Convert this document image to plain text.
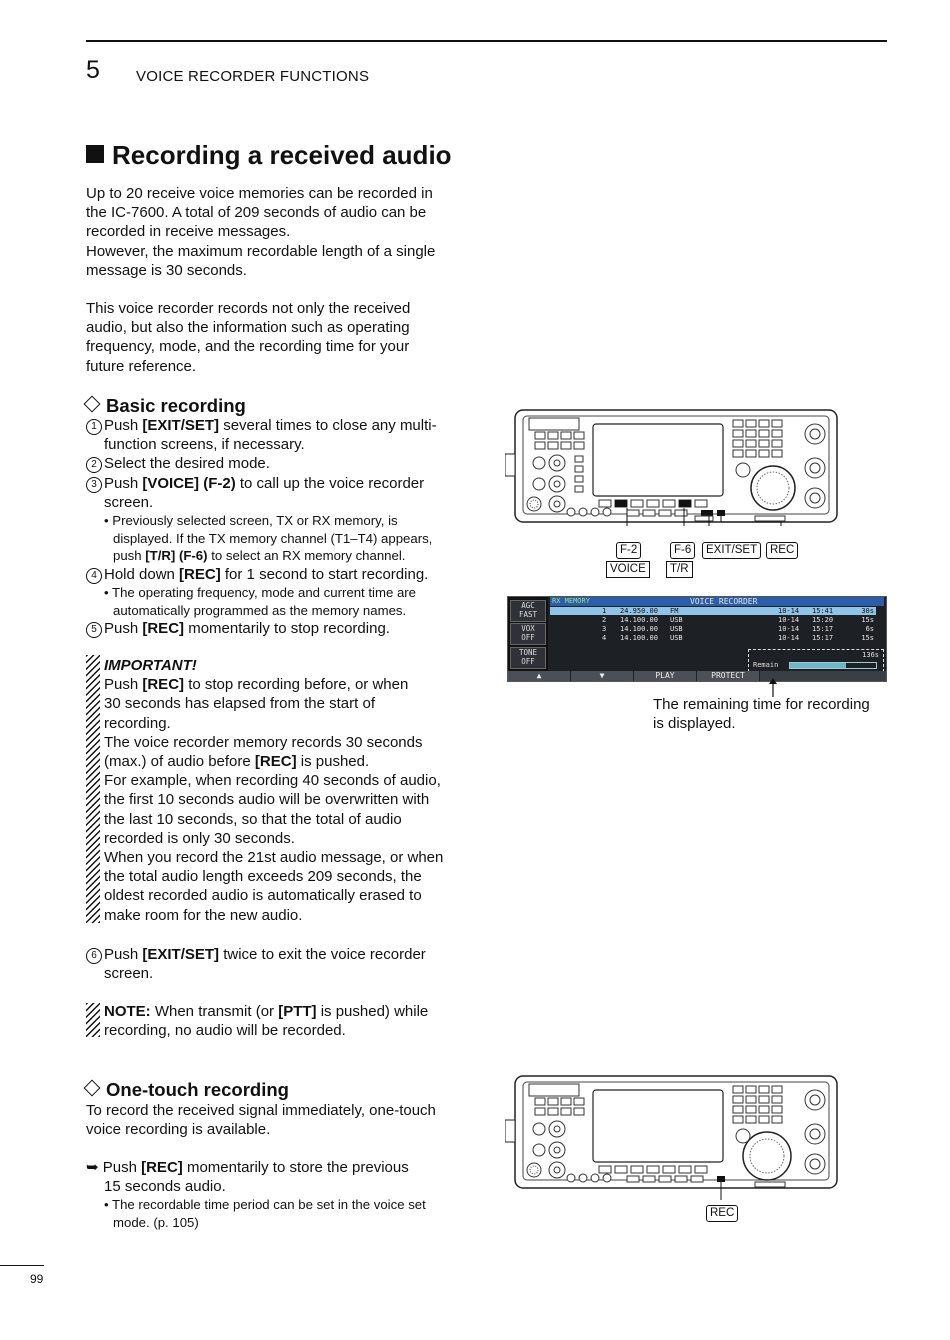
5 VOICE RECORDER FUNCTIONS
Recording a received audio
Up to 20 receive voice memories can be recorded in
the IC-7600. A total of 209 seconds of audio can be
recorded in receive messages.
However, the maximum recordable length of a single
message is 30 seconds.
This voice recorder records not only the received
audio, but also the information such as operating
frequency, mode, and the recording time for your
future reference.
Basic recording
1 Push [EXIT/SET] several times to close any multi-
function screens, if necessary.
2 Select the desired mode.
3 Push [VOICE] (F-2) to call up the voice recorder
screen.
• Previously selected screen, TX or RX memory, is
displayed. If the TX memory channel (T1–T4) appears,
push [T/R] (F-6) to select an RX memory channel.
4 Hold down [REC] for 1 second to start recording.
• The operating frequency, mode and current time are
automatically programmed as the memory names.
5 Push [REC] momentarily to stop recording.
IMPORTANT!
Push [REC] to stop recording before, or when
30 seconds has elapsed from the start of
recording.
The voice recorder memory records 30 seconds
(max.) of audio before [REC] is pushed.
For example, when recording 40 seconds of audio,
the first 10 seconds audio will be overwritten with
the last 10 seconds, so that the total of audio
recorded is only 30 seconds.
When you record the 21st audio message, or when
the total audio length exceeds 209 seconds, the
oldest recorded audio is automatically erased to
make room for the new audio.
6 Push [EXIT/SET] twice to exit the voice recorder
screen.
NOTE: When transmit (or [PTT] is pushed) while
recording, no audio will be recorded.
One-touch recording
To record the received signal immediately, one-touch
voice recording is available.
➥ Push [REC] momentarily to store the previous
15 seconds audio.
• The recordable time period can be set in the voice set
mode. (p. 105)
99
F-2	F-6	EXIT/SET	REC
VOICE	T/R
AGC
FAST
VOX
OFF
TONE
OFF
RX MEMORY	VOICE RECORDER
1 24.950.00 FM	10-14 15:41	30s
2 14.100.00 USB	10-14 15:20	15s
3 14.100.00 USB	10-14 15:17	6s
4 14.100.00 USB	10-14 15:17	15s
136s
Remain
▲	▼	PLAY	PROTECT
The remaining time for recording
is displayed.
REC
